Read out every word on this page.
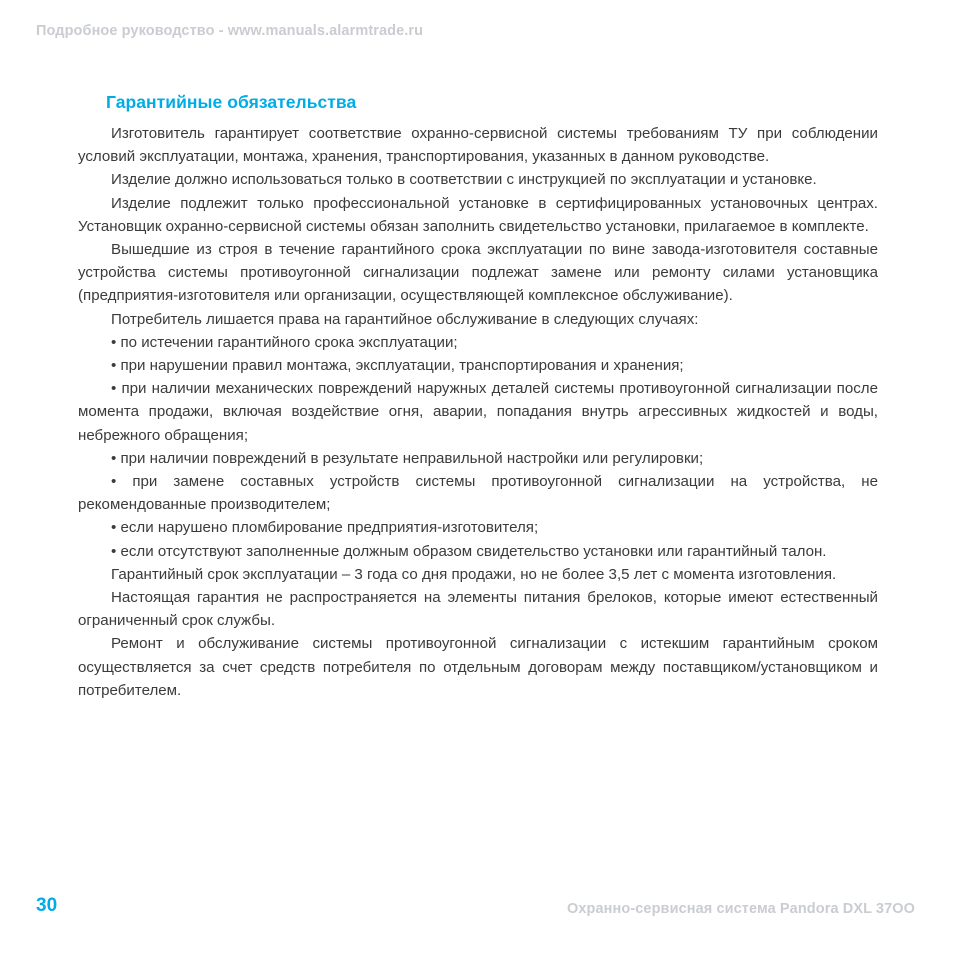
Подробное руководство - www.manuals.alarmtrade.ru
Гарантийные обязательства

Изготовитель гарантирует соответствие охранно-сервисной системы требованиям ТУ при соблюдении условий эксплуатации, монтажа, хранения, транспортирования, указанных в данном руководстве.

Изделие должно использоваться только в соответствии с инструкцией по эксплуатации и установке.

Изделие подлежит только профессиональной установке в сертифицированных установочных центрах. Установщик охранно-сервисной системы обязан заполнить свидетельство установки, прилагаемое в комплекте.

Вышедшие из строя в течение гарантийного срока эксплуатации по вине завода-изготовителя составные устройства системы противоугонной сигнализации подлежат замене или ремонту силами установщика (предприятия-изготовителя или организации, осуществляющей комплексное обслуживание).

Потребитель лишается права на гарантийное обслуживание в следующих случаях:

• по истечении гарантийного срока эксплуатации;

• при нарушении правил монтажа, эксплуатации, транспортирования и хранения;

• при наличии механических повреждений наружных деталей системы противоугонной сигнализации после момента продажи, включая воздействие огня, аварии, попадания внутрь агрессивных жидкостей и воды, небрежного обращения;

• при наличии повреждений в результате неправильной настройки или регулировки;

• при замене составных устройств системы противоугонной сигнализации на устройства, не рекомендованные производителем;

• если нарушено пломбирование предприятия-изготовителя;

• если отсутствуют заполненные должным образом свидетельство установки или гарантийный талон.

Гарантийный срок эксплуатации – 3 года со дня продажи, но не более 3,5 лет с момента изготовления.

Настоящая гарантия не распространяется на элементы питания брелоков, которые имеют естественный ограниченный срок службы.

Ремонт и обслуживание системы противоугонной сигнализации с истекшим гарантийным сроком осуществляется за счет средств потребителя по отдельным договорам между поставщиком/установщиком и потребителем.

30	Охранно-сервисная система Pandora DXL 37OO
